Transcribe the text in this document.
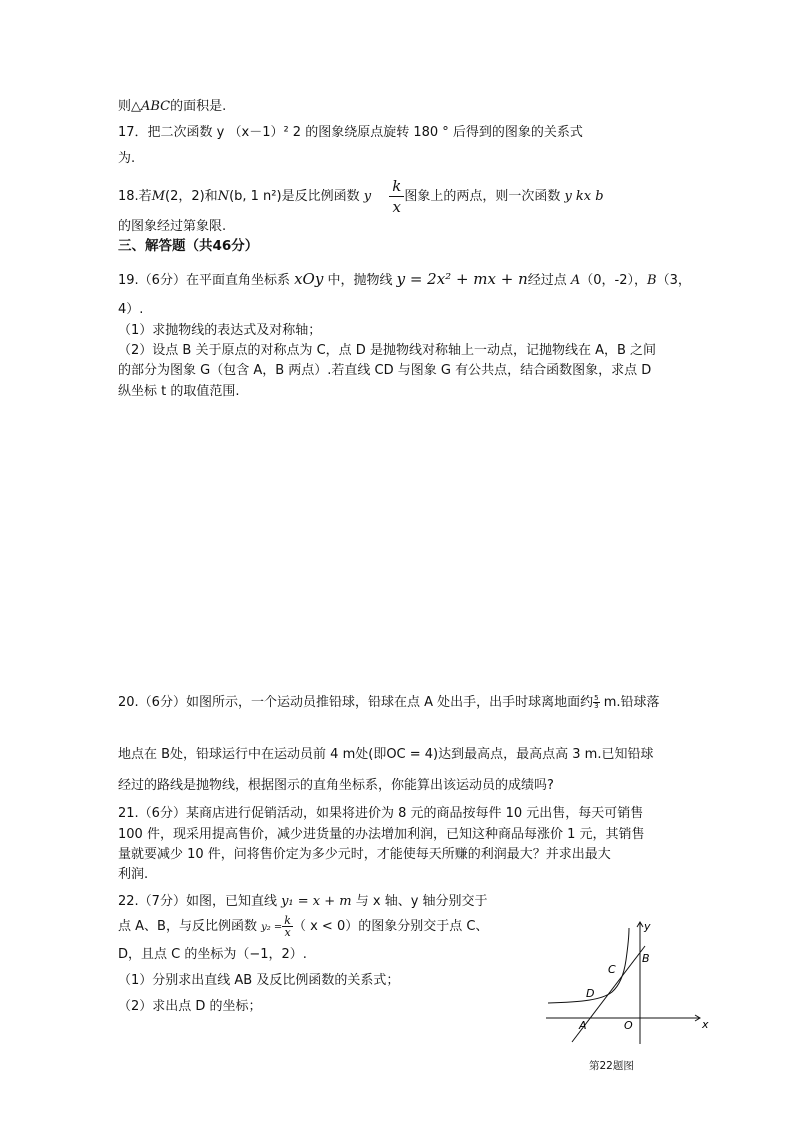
则△ABC的面积是.
17．把二次函数 y （x－1）² 2 的图象绕原点旋转 180 ° 后得到的图象的关系式
为.
18.若M(2，2)和N(b, 1 n²)是反比例函数 y $\frac{k}{x}$ 图象上的两点，则一次函数 y kx b
的图象经过第象限.
三、解答题（共46分）
19.（6分）在平面直角坐标系 xOy 中，抛物线 y = 2x² + mx + n经过点 A（0，-2），B（3，
4）.
（1）求抛物线的表达式及对称轴；
（2）设点 B 关于原点的对称点为 C，点 D 是抛物线对称轴上一动点，记抛物线在 A，B 之间
的部分为图象 G（包含 A，B 两点）.若直线 CD 与图象 G 有公共点，结合函数图象，求点 D
纵坐标 t 的取值范围.
20.（6分）如图所示，一个运动员推铅球，铅球在点 A 处出手，出手时球离地面约 $\frac{5}{3} m$.铅球落
地点在 B处，铅球运行中在运动员前 4 m处(即OC = 4)达到最高点，最高点高 3 m.已知铅球
经过的路线是抛物线，根据图示的直角坐标系，你能算出该运动员的成绩吗?
21.（6分）某商店进行促销活动，如果将进价为 8 元的商品按每件 10 元出售，每天可销售
100 件，现采用提高售价，减少进货量的办法增加利润，已知这种商品每涨价 1 元，其销售
量就要减少 10 件，问将售价定为多少元时，才能使每天所赚的利润最大？并求出最大
利润.
22.（7分）如图，已知直线 y₁ = x + m 与 x 轴、y 轴分别交于
点 A、B，与反比例函数 $y_2 = \frac{k}{x}$ （ x < 0）的图象分别交于点 C、
D，且点 C 的坐标为（−1，2）.
（1）分别求出直线 AB 及反比例函数的关系式；
（2）求出点 D 的坐标；
x
y
O
A
B
C
D
第22题图
